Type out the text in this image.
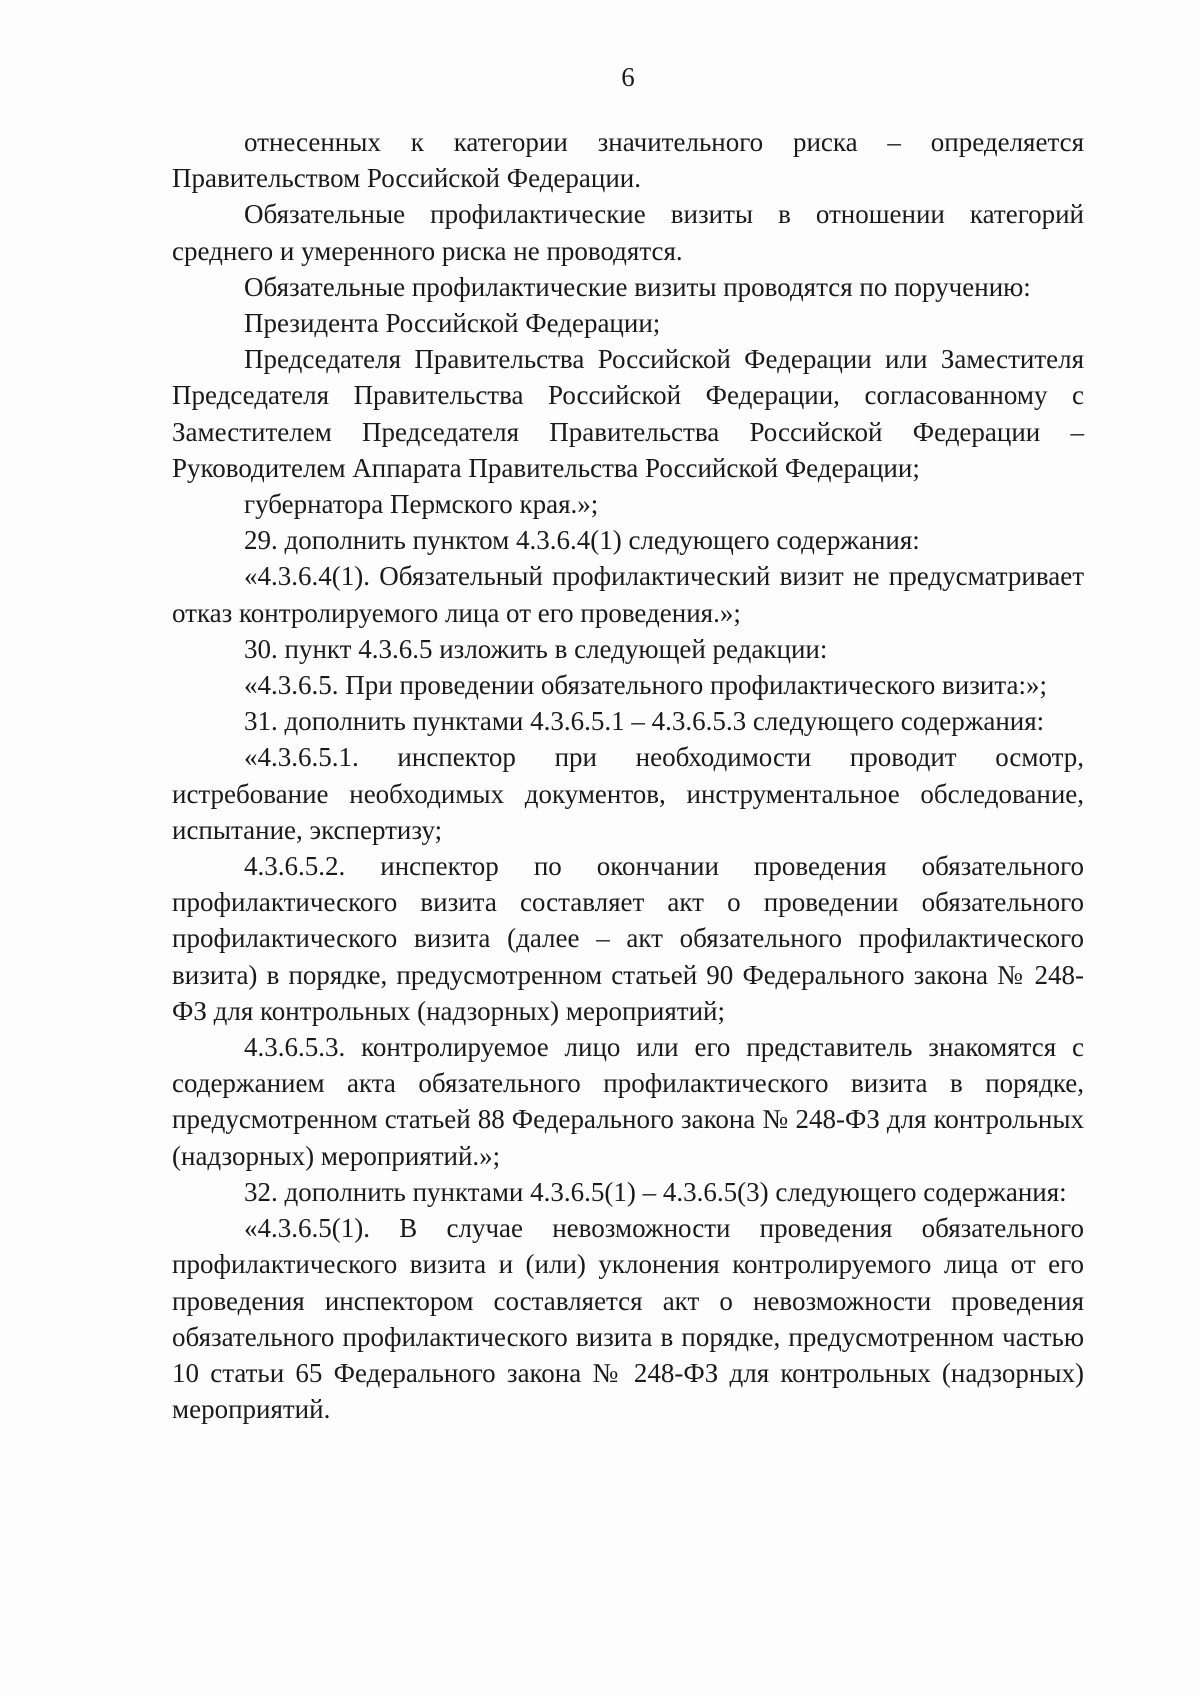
6

отнесенных к категории значительного риска – определяется Правительством Российской Федерации.

Обязательные профилактические визиты в отношении категорий среднего и умеренного риска не проводятся.

Обязательные профилактические визиты проводятся по поручению:

Президента Российской Федерации;

Председателя Правительства Российской Федерации или Заместителя Председателя Правительства Российской Федерации, согласованному с Заместителем Председателя Правительства Российской Федерации – Руководителем Аппарата Правительства Российской Федерации;

губернатора Пермского края.»;

29. дополнить пунктом 4.3.6.4(1) следующего содержания:

«4.3.6.4(1). Обязательный профилактический визит не предусматривает отказ контролируемого лица от его проведения.»;

30. пункт 4.3.6.5 изложить в следующей редакции:

«4.3.6.5. При проведении обязательного профилактического визита:»;

31. дополнить пунктами 4.3.6.5.1 – 4.3.6.5.3 следующего содержания:

«4.3.6.5.1. инспектор при необходимости проводит осмотр, истребование необходимых документов, инструментальное обследование, испытание, экспертизу;

4.3.6.5.2. инспектор по окончании проведения обязательного профилактического визита составляет акт о проведении обязательного профилактического визита (далее – акт обязательного профилактического визита) в порядке, предусмотренном статьей 90 Федерального закона № 248-ФЗ для контрольных (надзорных) мероприятий;

4.3.6.5.3. контролируемое лицо или его представитель знакомятся с содержанием акта обязательного профилактического визита в порядке, предусмотренном статьей 88 Федерального закона № 248-ФЗ для контрольных (надзорных) мероприятий.»;

32. дополнить пунктами 4.3.6.5(1) – 4.3.6.5(3) следующего содержания:

«4.3.6.5(1). В случае невозможности проведения обязательного профилактического визита и (или) уклонения контролируемого лица от его проведения инспектором составляется акт о невозможности проведения обязательного профилактического визита в порядке, предусмотренном частью 10 статьи 65 Федерального закона № 248-ФЗ для контрольных (надзорных) мероприятий.
